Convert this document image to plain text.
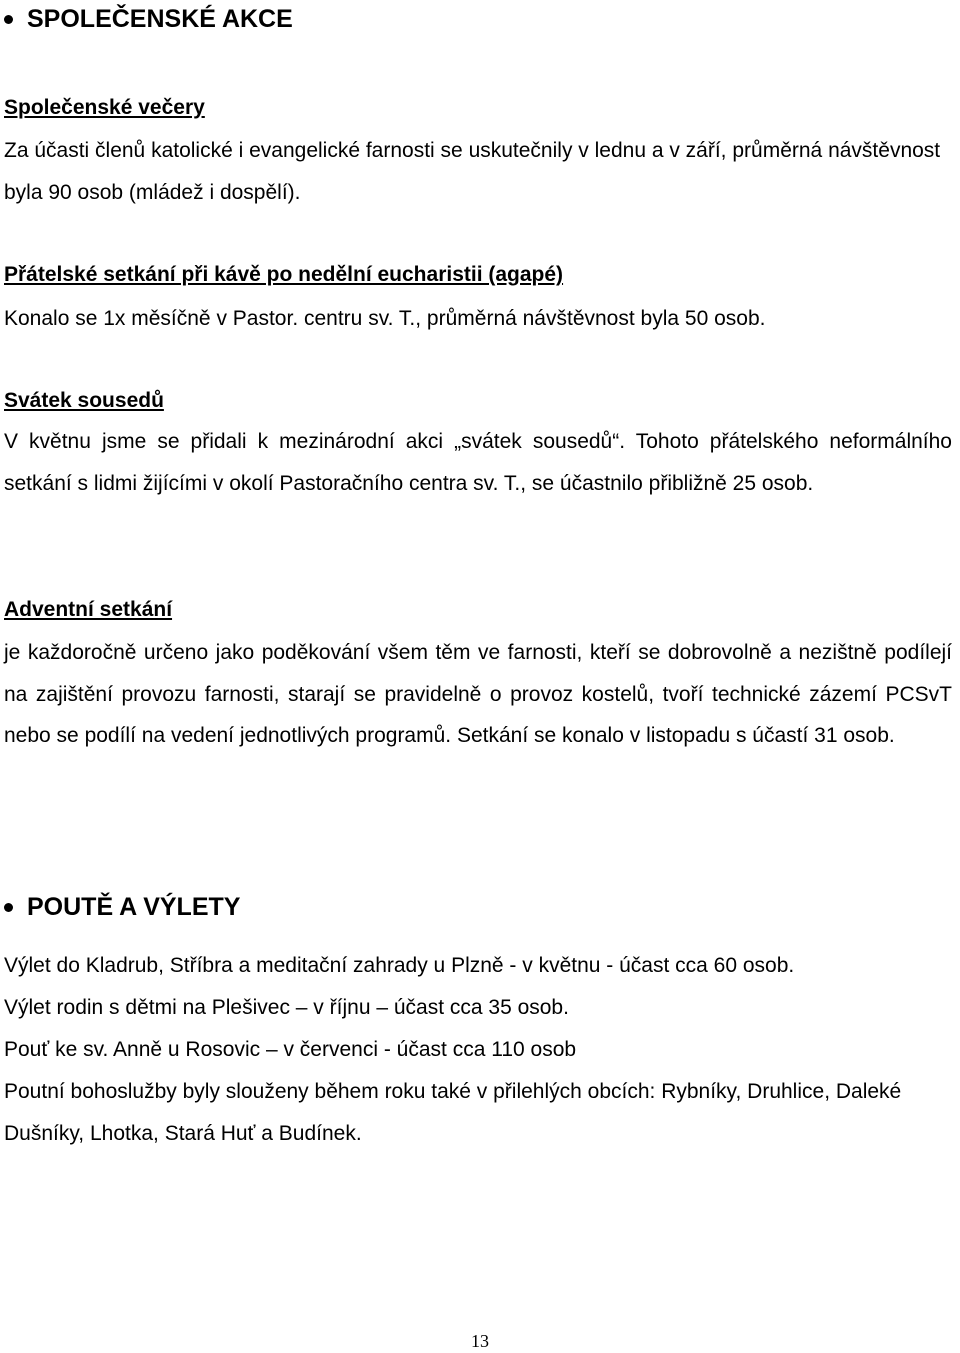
SPOLEČENSKÉ AKCE
Společenské večery

Za účasti členů katolické i evangelické farnosti se uskutečnily v lednu a v září, průměrná návštěvnost byla 90 osob (mládež i dospělí).

Přátelské setkání při kávě po nedělní eucharistii (agapé)

Konalo se 1x měsíčně v Pastor. centru sv. T., průměrná návštěvnost byla 50 osob.

Svátek sousedů

V květnu jsme se přidali k mezinárodní akci „svátek sousedů“. Tohoto přátelského neformálního setkání s lidmi žijícími v okolí Pastoračního centra sv. T., se účastnilo přibližně 25 osob.

Adventní setkání

je každoročně určeno jako poděkování všem těm ve farnosti, kteří se dobrovolně a nezištně podílejí na zajištění provozu farnosti, starají se pravidelně o provoz kostelů, tvoří technické zázemí PCSvT nebo se podílí na vedení jednotlivých programů. Setkání se konalo v listopadu s účastí 31 osob.

POUTĚ A VÝLETY
Výlet do Kladrub, Stříbra a meditační zahrady u Plzně - v květnu - účast cca 60 osob.
Výlet rodin s dětmi na Plešivec – v říjnu – účast cca 35 osob.
Pouť ke sv. Anně u Rosovic – v červenci - účast cca 110 osob

Poutní bohoslužby byly slouženy během roku také v přilehlých obcích: Rybníky, Druhlice, Daleké Dušníky, Lhotka, Stará Huť a Budínek.

13
